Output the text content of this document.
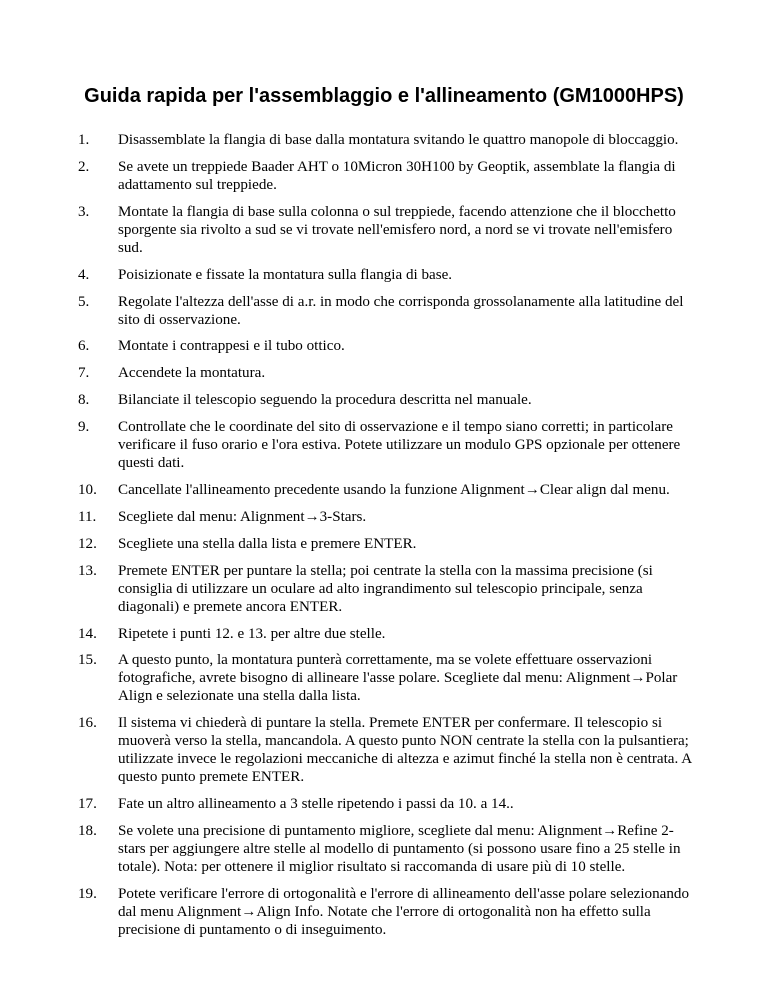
Guida rapida per l'assemblaggio e l'allineamento (GM1000HPS)
1.	Disassemblate la flangia di base dalla montatura svitando le quattro manopole di bloccaggio.
2.	Se avete un treppiede Baader AHT o 10Micron 30H100 by Geoptik, assemblate la flangia di adattamento sul treppiede.
3.	Montate la flangia di base sulla colonna o sul treppiede, facendo attenzione che il blocchetto sporgente sia rivolto a sud se vi trovate nell'emisfero nord, a nord se vi trovate nell'emisfero sud.
4.	Poisizionate e fissate la montatura sulla flangia di base.
5.	Regolate l'altezza dell'asse di a.r. in modo che corrisponda grossolanamente alla latitudine del sito di osservazione.
6.	Montate i contrappesi e il tubo ottico.
7.	Accendete la montatura.
8.	Bilanciate il telescopio seguendo la procedura descritta nel manuale.
9.	Controllate che le coordinate del sito di osservazione e il tempo siano corretti; in particolare verificare il fuso orario e l'ora estiva. Potete utilizzare un modulo GPS opzionale per ottenere questi dati.
10.	Cancellate l'allineamento precedente usando la funzione Alignment→Clear align dal menu.
11.	Scegliete dal menu: Alignment→3-Stars.
12.	Scegliete una stella dalla lista e premere ENTER.
13.	Premete ENTER per puntare la stella; poi centrate la stella con la massima precisione (si consiglia di utilizzare un oculare ad alto ingrandimento sul telescopio principale, senza diagonali) e premete ancora ENTER.
14.	Ripetete i punti 12. e 13. per altre due stelle.
15.	A questo punto, la montatura punterà correttamente, ma se volete effettuare osservazioni fotografiche, avrete bisogno di allineare l'asse polare. Scegliete dal menu: Alignment→Polar Align e selezionate una stella dalla lista.
16.	Il sistema vi chiederà di puntare la stella. Premete ENTER per confermare. Il telescopio si muoverà verso la stella, mancandola. A questo punto NON centrate la stella con la pulsantiera; utilizzate invece le regolazioni meccaniche di altezza e azimut finché la stella non è centrata. A questo punto premete ENTER.
17.	Fate un altro allineamento a 3 stelle ripetendo i passi da 10. a 14..
18.	Se volete una precisione di puntamento migliore, scegliete dal menu: Alignment→Refine 2-stars per aggiungere altre stelle al modello di puntamento (si possono usare fino a 25 stelle in totale). Nota: per ottenere il miglior risultato si raccomanda di usare più di 10 stelle.
19.	Potete verificare l'errore di ortogonalità e l'errore di allineamento dell'asse polare selezionando dal menu Alignment→Align Info. Notate che l'errore di ortogonalità non ha effetto sulla precisione di puntamento o di inseguimento.
